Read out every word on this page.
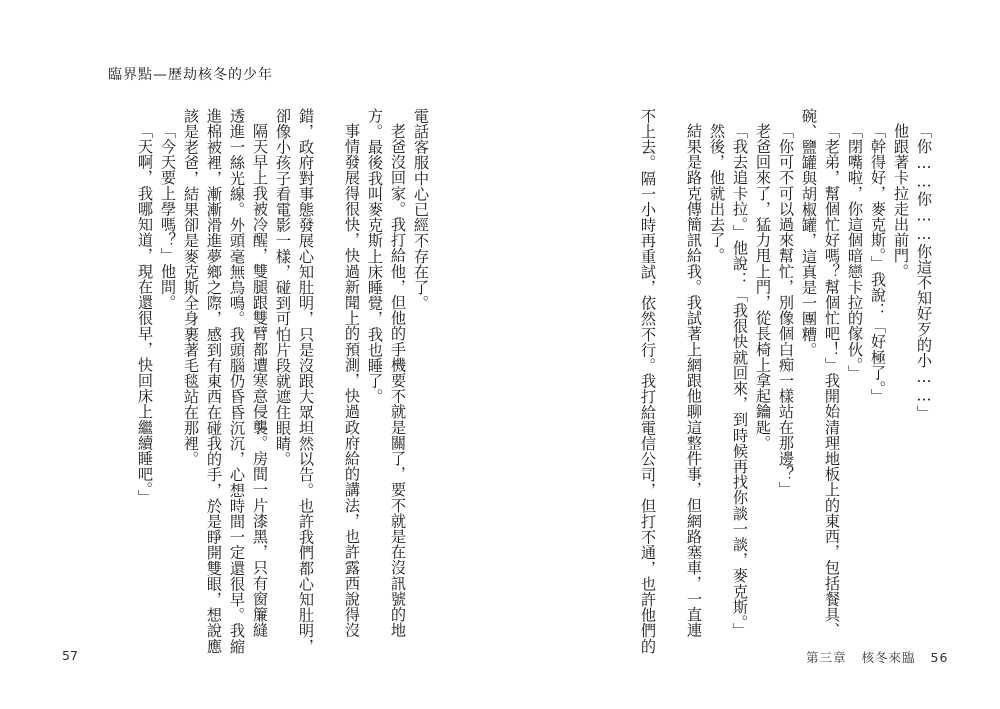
臨界點—歷劫核冬的少年

電話客服中心已經不存在了。

老爸沒回家。我打給他，但他的手機要不就是關了，要不就是在沒訊號的地

方。最後我叫麥克斯上床睡覺，我也睡了。

事情發展得很快，快過新聞上的預測，快過政府給的講法，也許露西說得沒

錯，政府對事態發展心知肚明，只是沒跟大眾坦然以告。也許我們都心知肚明，

卻像小孩子看電影一樣，碰到可怕片段就遮住眼睛。

隔天早上我被冷醒，雙腿跟雙臂都遭寒意侵襲。房間一片漆黑，只有窗簾縫

透進一絲光線。外頭毫無鳥鳴。我頭腦仍昏昏沉沉，心想時間一定還很早。我縮

進棉被裡，漸漸滑進夢鄉之際，感到有東西在碰我的手，於是睜開雙眼，想說應

該是老爸，結果卻是麥克斯全身裹著毛毯站在那裡。

「今天要上學嗎？」他問。

「天啊，我哪知道，現在還很早，快回床上繼續睡吧。」

57

「你……你……你這不知好歹的小……」

他跟著卡拉走出前門。

「幹得好，麥克斯。」我說：「好極了。」

「閉嘴啦，你這個暗戀卡拉的傢伙。」

「老弟，幫個忙好嗎？幫個忙吧！」我開始清理地板上的東西，包括餐具、

碗、鹽罐與胡椒罐，這真是一團糟。

「你可不可以過來幫忙，別像個白痴一樣站在那邊？」

老爸回來了，猛力甩上門，從長椅上拿起鑰匙。

「我去追卡拉。」他說：「我很快就回來，到時候再找你談一談，麥克斯。」

然後，他就出去了。

結果是路克傳簡訊給我。我試著上網跟他聊這整件事，但網路塞車，一直連

不上去。隔一小時再重試，依然不行。我打給電信公司，但打不通，也許他們的

第三章 核冬來臨 56
